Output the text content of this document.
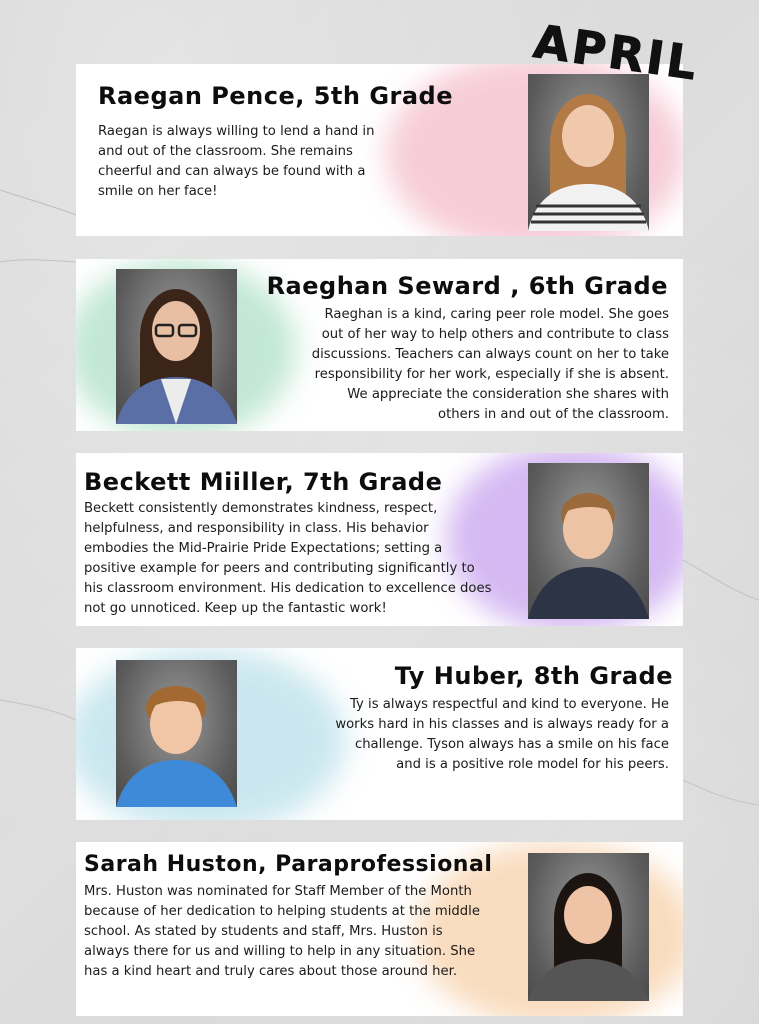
APRIL
Raegan Pence, 5th Grade

Raegan is always willing to lend a hand in
and out of the classroom. She remains
cheerful and can always be found with a
smile on her face!

Raeghan Seward , 6th Grade

Raeghan is a kind, caring peer role model. She goes
out of her way to help others and contribute to class
discussions. Teachers can always count on her to take
responsibility for her work, especially if she is absent.
We appreciate the consideration she shares with
others in and out of the classroom.

Beckett Miiller, 7th Grade

Beckett consistently demonstrates kindness, respect,
helpfulness, and responsibility in class. His behavior
embodies the Mid-Prairie Pride Expectations; setting a
positive example for peers and contributing significantly to
his classroom environment. His dedication to excellence does
not go unnoticed. Keep up the fantastic work!

Ty Huber, 8th Grade

Ty is always respectful and kind to everyone. He
works hard in his classes and is always ready for a
challenge. Tyson always has a smile on his face
and is a positive role model for his peers.

Sarah Huston, Paraprofessional

Mrs. Huston was nominated for Staff Member of the Month
because of her dedication to helping students at the middle
school. As stated by students and staff, Mrs. Huston is
always there for us and willing to help in any situation. She
has a kind heart and truly cares about those around her.
